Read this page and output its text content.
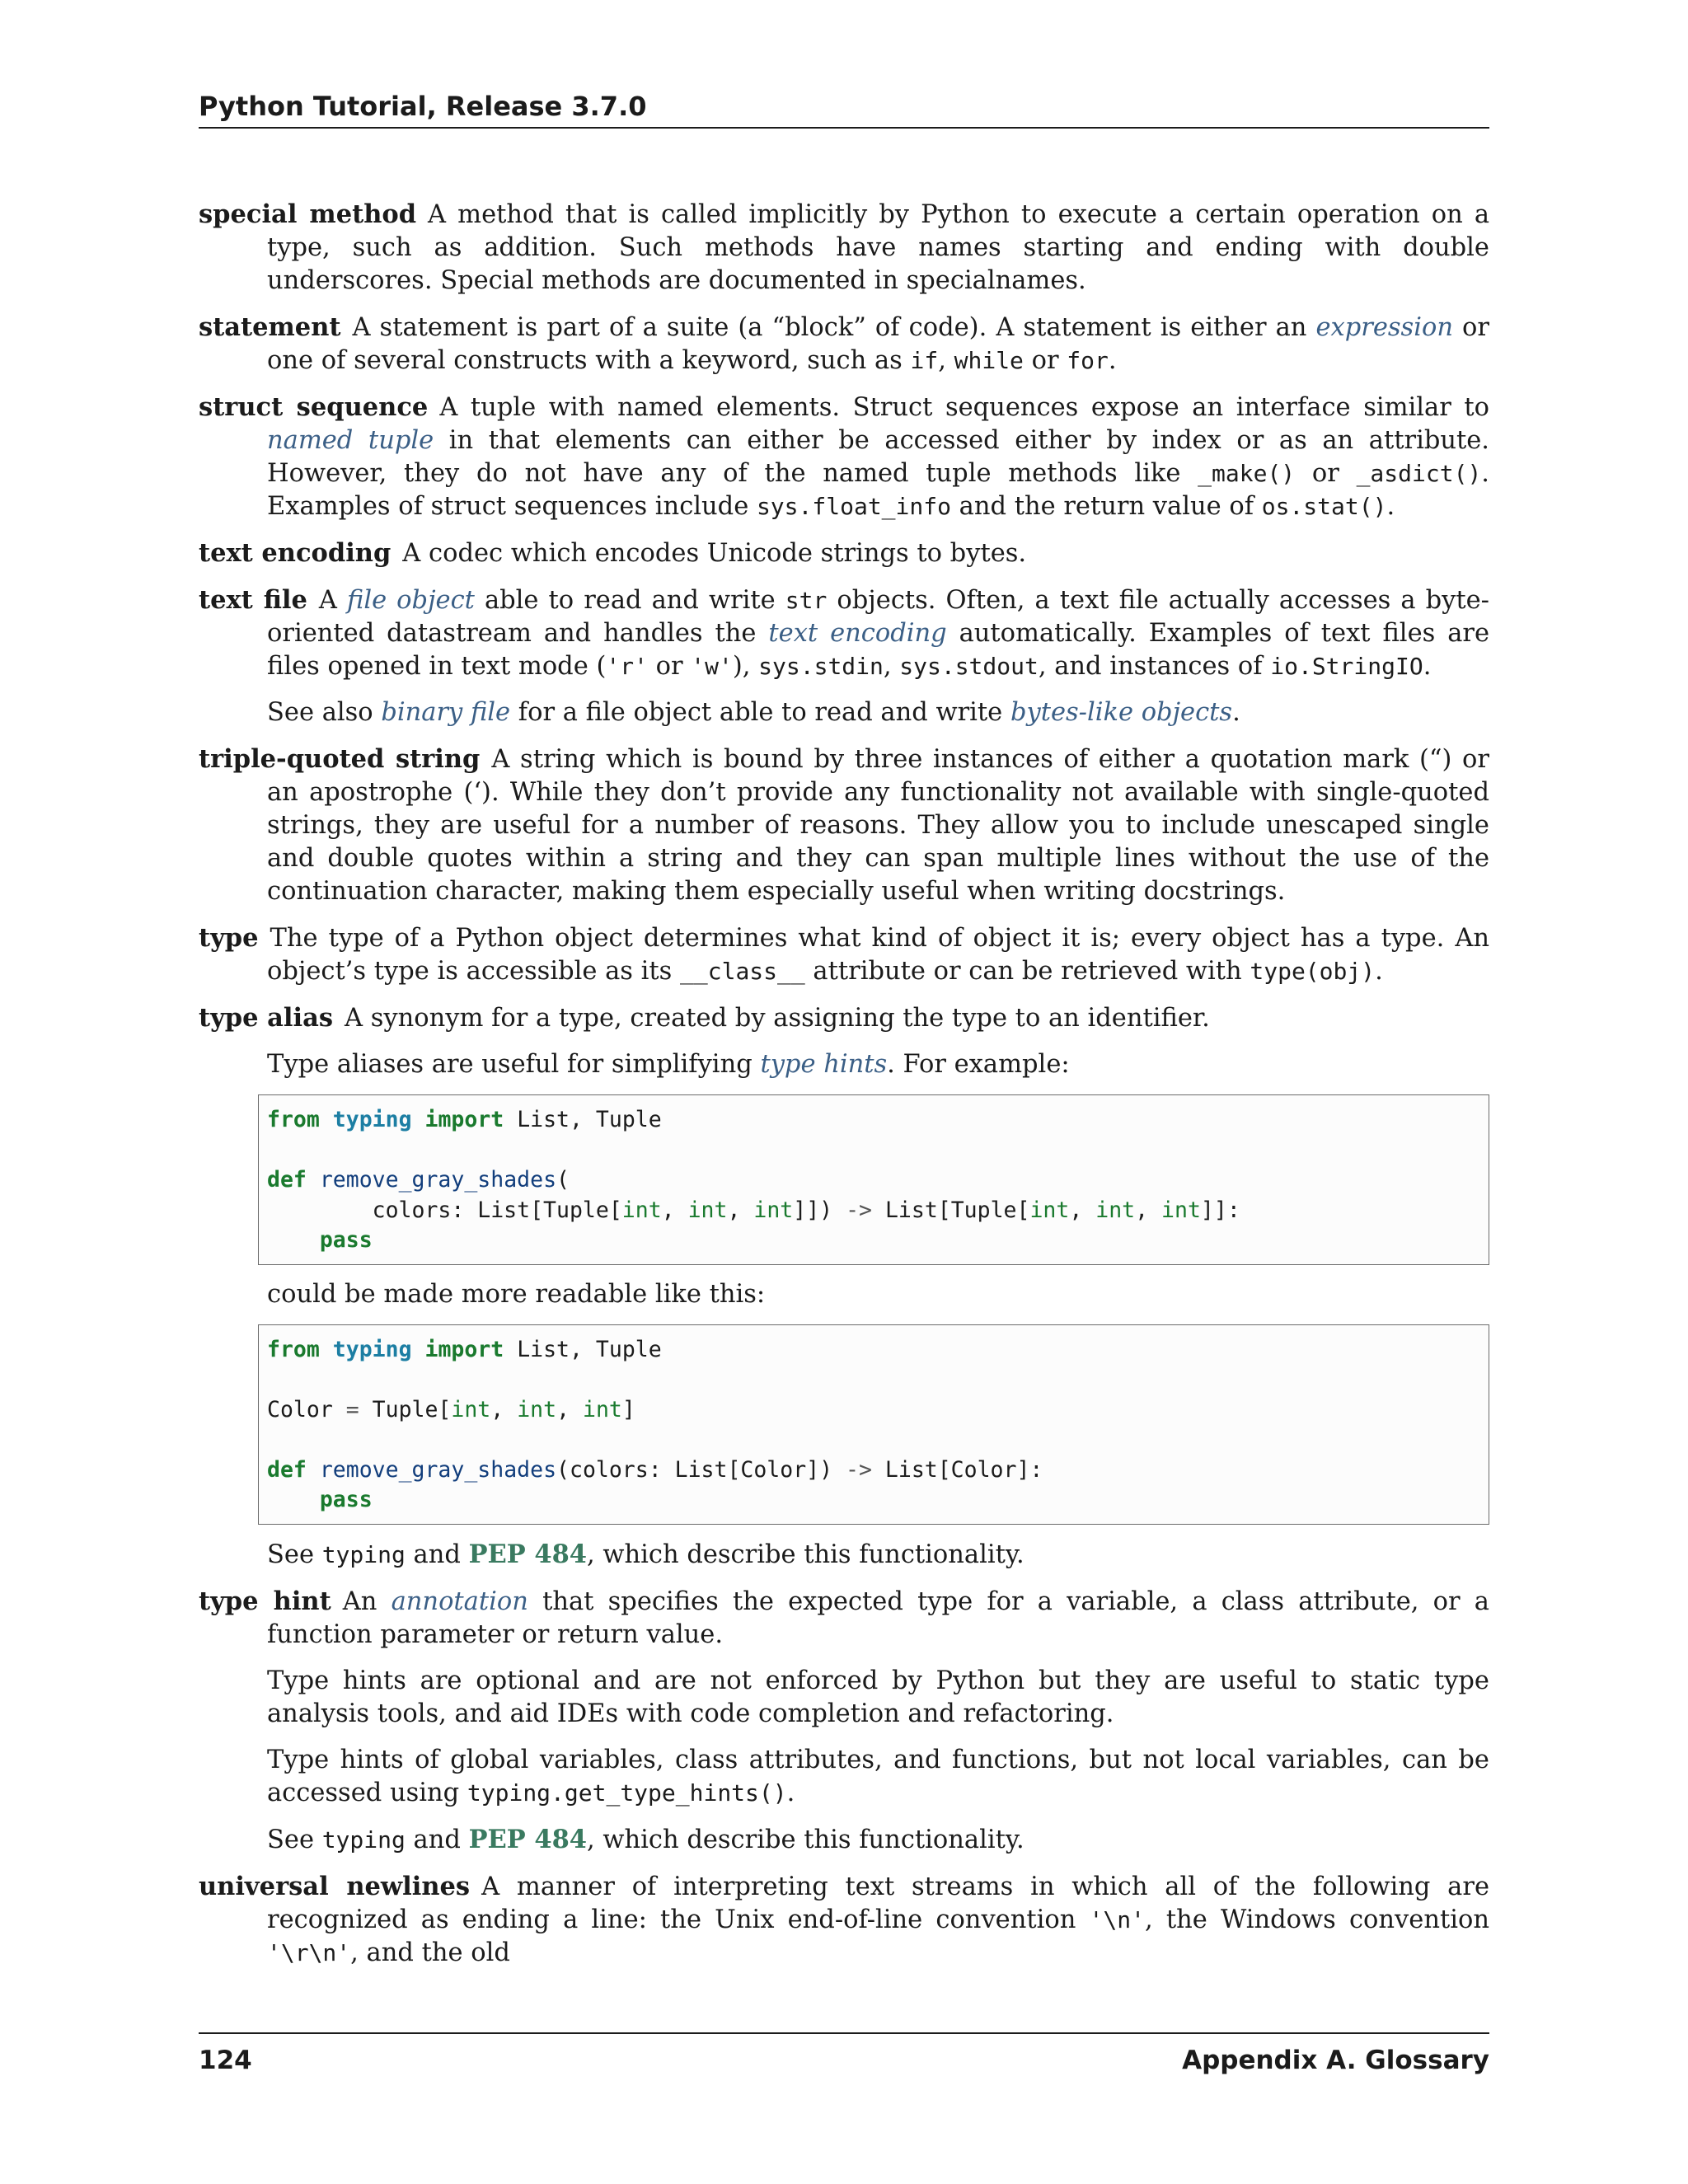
Python Tutorial, Release 3.7.0

special method A method that is called implicitly by Python to execute a certain operation on a type, such as addition. Such methods have names starting and ending with double underscores. Special methods are documented in specialnames.

statement A statement is part of a suite (a “block” of code). A statement is either an expression or one of several constructs with a keyword, such as if, while or for.

struct sequence A tuple with named elements. Struct sequences expose an interface similar to named tuple in that elements can either be accessed either by index or as an attribute. However, they do not have any of the named tuple methods like _make() or _asdict(). Examples of struct sequences include sys.float_info and the return value of os.stat().

text encoding A codec which encodes Unicode strings to bytes.

text file A file object able to read and write str objects. Often, a text file actually accesses a byte-oriented datastream and handles the text encoding automatically. Examples of text files are files opened in text mode ('r' or 'w'), sys.stdin, sys.stdout, and instances of io.StringIO.

See also binary file for a file object able to read and write bytes-like objects.

triple-quoted string A string which is bound by three instances of either a quotation mark (“) or an apostrophe (‘). While they don’t provide any functionality not available with single-quoted strings, they are useful for a number of reasons. They allow you to include unescaped single and double quotes within a string and they can span multiple lines without the use of the continuation character, making them especially useful when writing docstrings.

type The type of a Python object determines what kind of object it is; every object has a type. An object’s type is accessible as its __class__ attribute or can be retrieved with type(obj).

type alias A synonym for a type, created by assigning the type to an identifier.

Type aliases are useful for simplifying type hints. For example:
from typing import List, Tuple
def remove_gray_shades(
colors: List[Tuple[int, int, int]]) -> List[Tuple[int, int, int]]:
pass
could be made more readable like this:
from typing import List, Tuple
Color = Tuple[int, int, int]
def remove_gray_shades(colors: List[Color]) -> List[Color]:
pass
See typing and PEP 484, which describe this functionality.

type hint An annotation that specifies the expected type for a variable, a class attribute, or a function parameter or return value.

Type hints are optional and are not enforced by Python but they are useful to static type analysis tools, and aid IDEs with code completion and refactoring.
Type hints of global variables, class attributes, and functions, but not local variables, can be accessed using typing.get_type_hints().
See typing and PEP 484, which describe this functionality.

universal newlines A manner of interpreting text streams in which all of the following are recognized as ending a line: the Unix end-of-line convention '\n', the Windows convention '\r\n', and the old

124	Appendix A. Glossary
